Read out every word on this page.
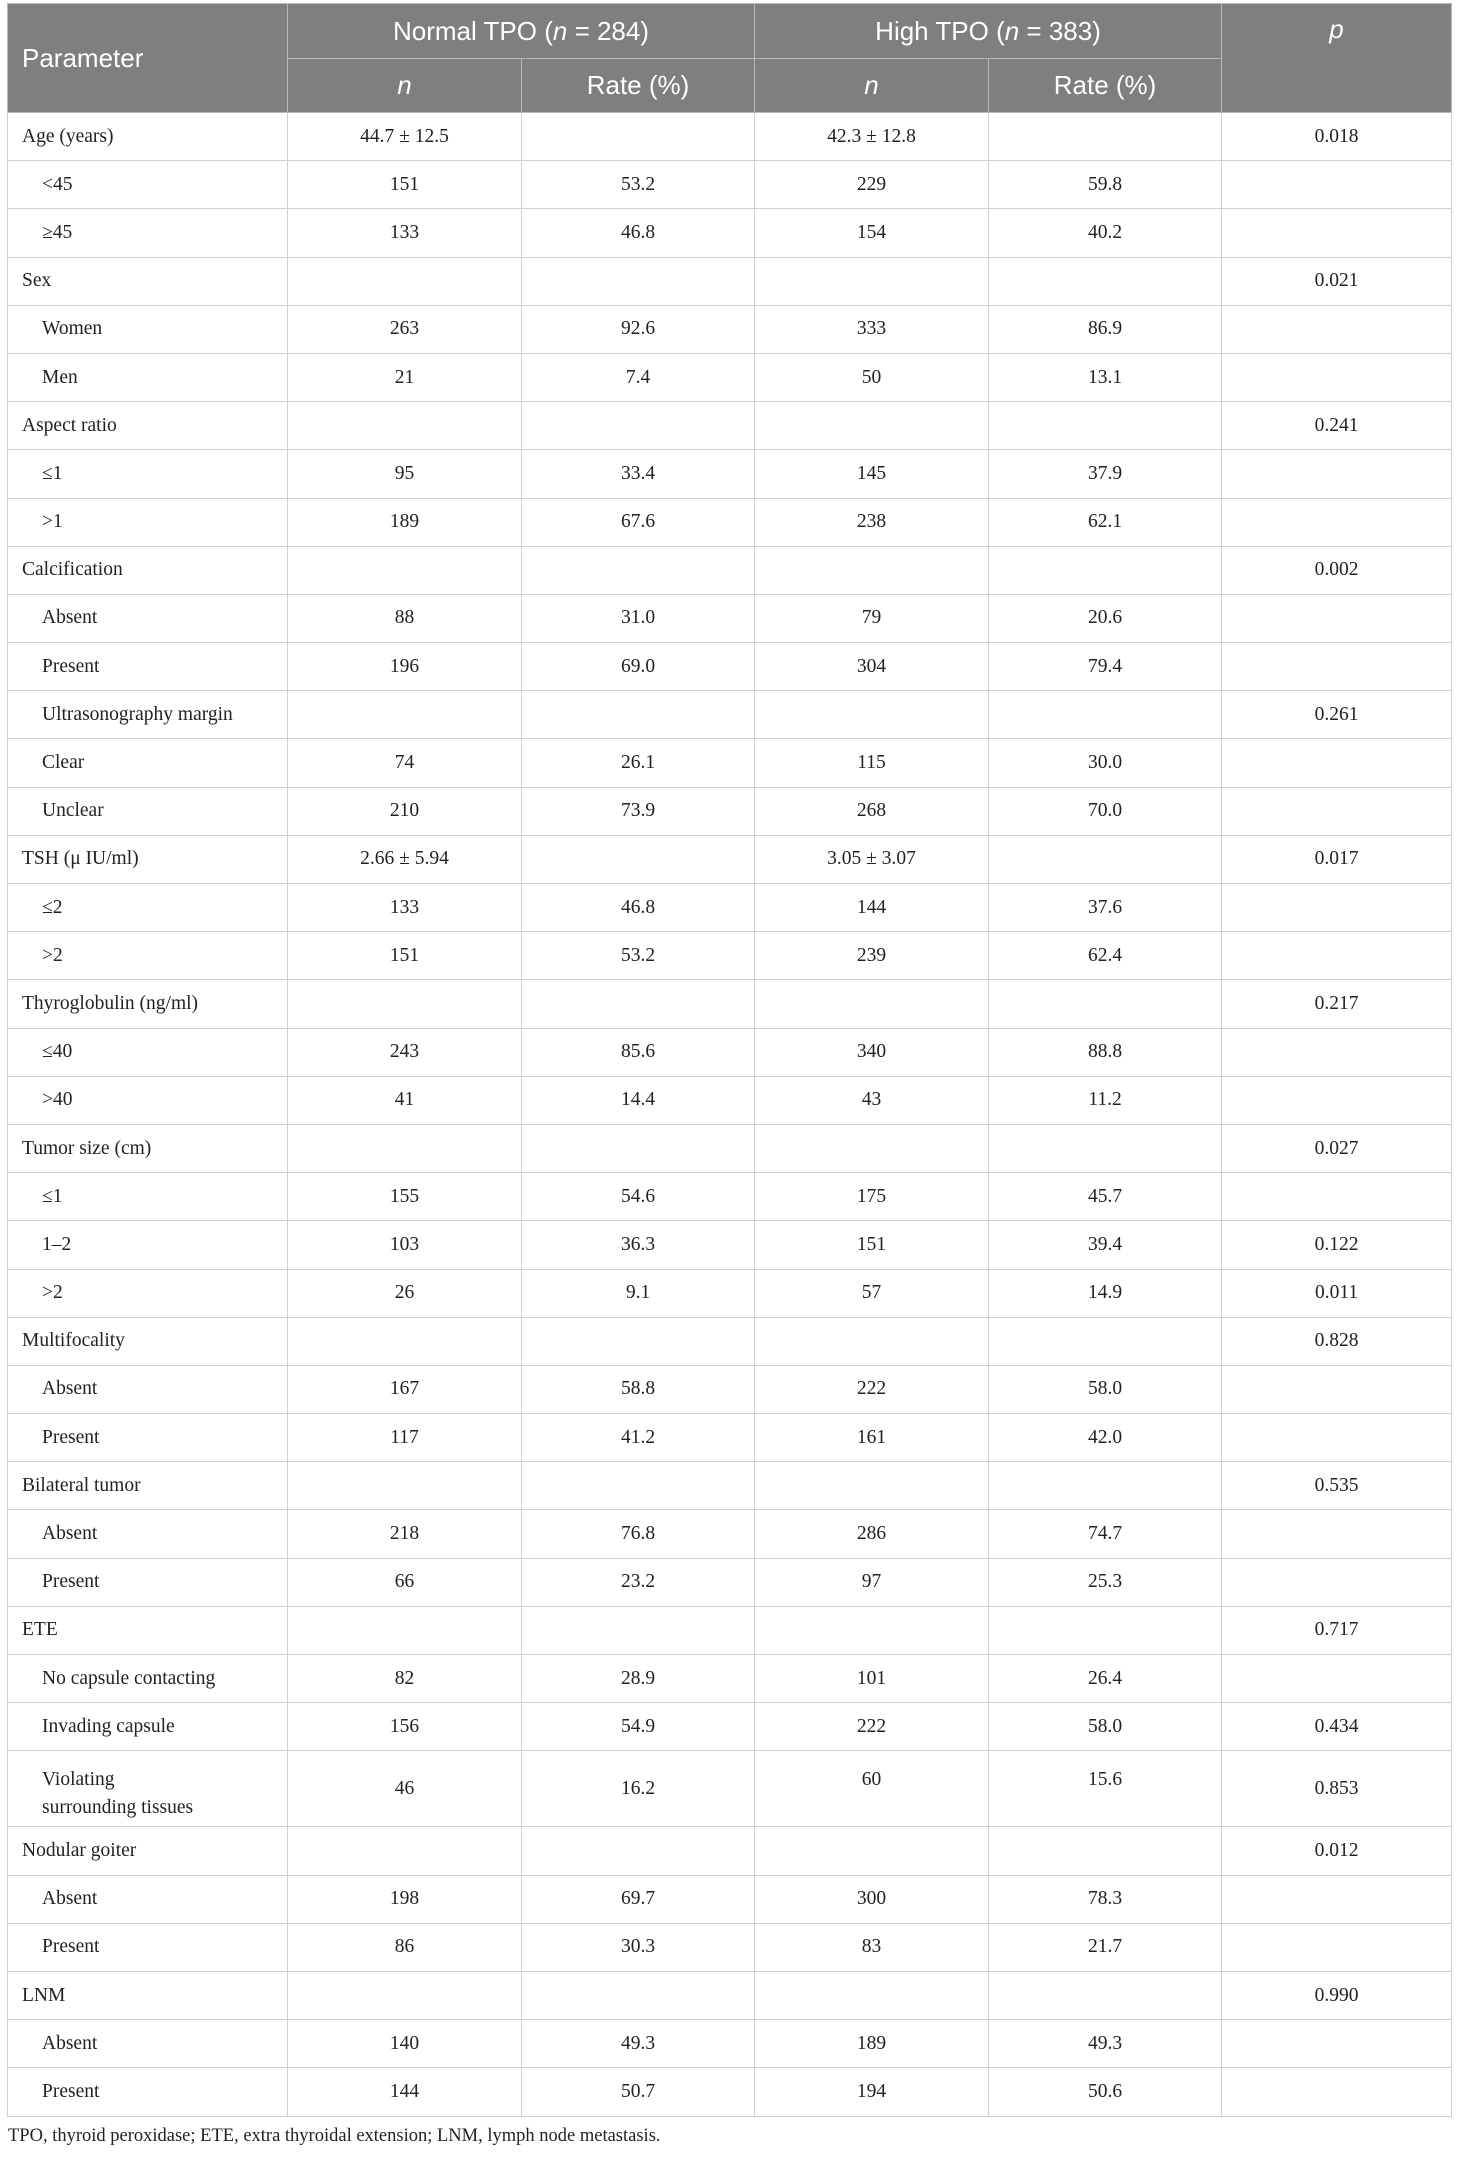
Parameter	Normal TPO (n = 284)		High TPO (n = 383)		p
	n	Rate (%)	n	Rate (%)	
Age (years)	44.7 ± 12.5		42.3 ± 12.8		0.018
<45	151	53.2	229	59.8	
≥45	133	46.8	154	40.2	
Sex					0.021
Women	263	92.6	333	86.9	
Men	21	7.4	50	13.1	
Aspect ratio					0.241
≤1	95	33.4	145	37.9	
>1	189	67.6	238	62.1	
Calcification					0.002
Absent	88	31.0	79	20.6	
Present	196	69.0	304	79.4	
Ultrasonography margin					0.261
Clear	74	26.1	115	30.0	
Unclear	210	73.9	268	70.0	
TSH (μ IU/ml)	2.66 ± 5.94		3.05 ± 3.07		0.017
≤2	133	46.8	144	37.6	
>2	151	53.2	239	62.4	
Thyroglobulin (ng/ml)					0.217
≤40	243	85.6	340	88.8	
>40	41	14.4	43	11.2	
Tumor size (cm)					0.027
≤1	155	54.6	175	45.7	
1–2	103	36.3	151	39.4	0.122
>2	26	9.1	57	14.9	0.011
Multifocality					0.828
Absent	167	58.8	222	58.0	
Present	117	41.2	161	42.0	
Bilateral tumor					0.535
Absent	218	76.8	286	74.7	
Present	66	23.2	97	25.3	
ETE					0.717
No capsule contacting	82	28.9	101	26.4	
Invading capsule	156	54.9	222	58.0	0.434
Violating
surrounding tissues	46	16.2	60	15.6	0.853
Nodular goiter					0.012
Absent	198	69.7	300	78.3	
Present	86	30.3	83	21.7	
LNM					0.990
Absent	140	49.3	189	49.3	
Present	144	50.7	194	50.6	
TPO, thyroid peroxidase; ETE, extra thyroidal extension; LNM, lymph node metastasis.
